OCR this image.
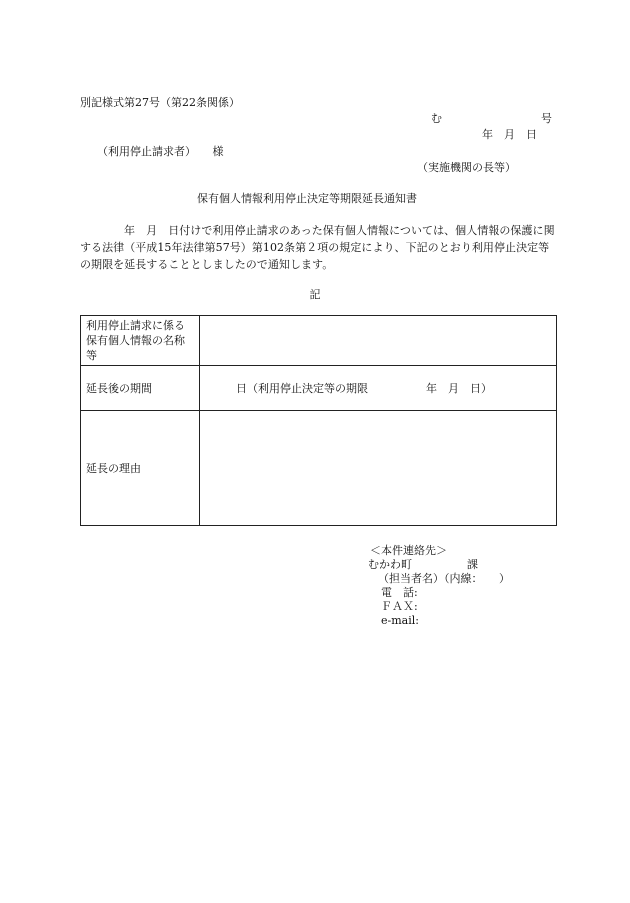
別記様式第27号（第22条関係）
む　　　　　　　　　号
年　月　日
（利用停止請求者）　　様
（実施機関の長等）
保有個人情報利用停止決定等期限延長通知書
年　月　日付けで利用停止請求のあった保有個人情報については、個人情報の保護に関する法律（平成15年法律第57号）第102条第２項の規定により、下記のとおり利用停止決定等の期限を延長することとしましたので通知します。
記
利用停止請求に係る保有個人情報の名称等	
延長後の期間	日（利用停止決定等の期限 年　月　日）
延長の理由	
＜本件連絡先＞
むかわ町　　　　　課
（担当者名）（内線：　　）
電　話:
ＦＡＸ:
e-mail:
